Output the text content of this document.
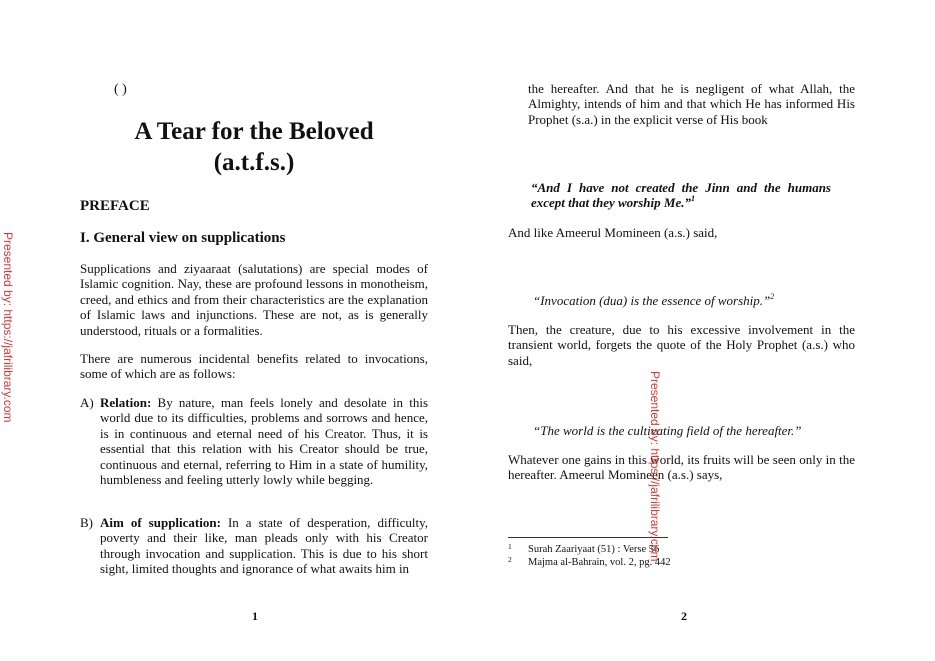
( )
A Tear for the Beloved
(a.t.f.s.)
PREFACE
I. General view on supplications

Supplications and ziyaaraat (salutations) are special modes of Islamic cognition. Nay, these are profound lessons in monotheism, creed, and ethics and from their characteristics are the explanation of Islamic laws and injunctions. These are not, as is generally understood, rituals or a formalities.

There are numerous incidental benefits related to invocations, some of which are as follows:

A) Relation: By nature, man feels lonely and desolate in this world due to its difficulties, problems and sorrows and hence, is in continuous and eternal need of his Creator. Thus, it is essential that this relation with his Creator should be true, continuous and eternal, referring to Him in a state of humility, humbleness and feeling utterly lowly while begging.
B) Aim of supplication: In a state of desperation, difficulty, poverty and their like, man pleads only with his Creator through invocation and supplication. This is due to his short sight, limited thoughts and ignorance of what awaits him in
1

the hereafter. And that he is negligent of what Allah, the Almighty, intends of him and that which He has informed His Prophet (s.a.) in the explicit verse of His book

“And I have not created the Jinn and the humans except that they worship Me.”$^1$

And like Ameerul Momineen (a.s.) said,

“Invocation (dua) is the essence of worship.”$^2$

Then, the creature, due to his excessive involvement in the transient world, forgets the quote of the Holy Prophet (a.s.) who said,

“The world is the cultivating field of the hereafter.”

Whatever one gains in this world, its fruits will be seen only in the hereafter. Ameerul Momineen (a.s.) says,

1 Surah Zaariyaat (51) : Verse 56
2 Majma al-Bahrain, vol. 2, pg. 442
2
Presented by: https://jafrilibrary.com
Presented by: https://jafrilibrary.com
